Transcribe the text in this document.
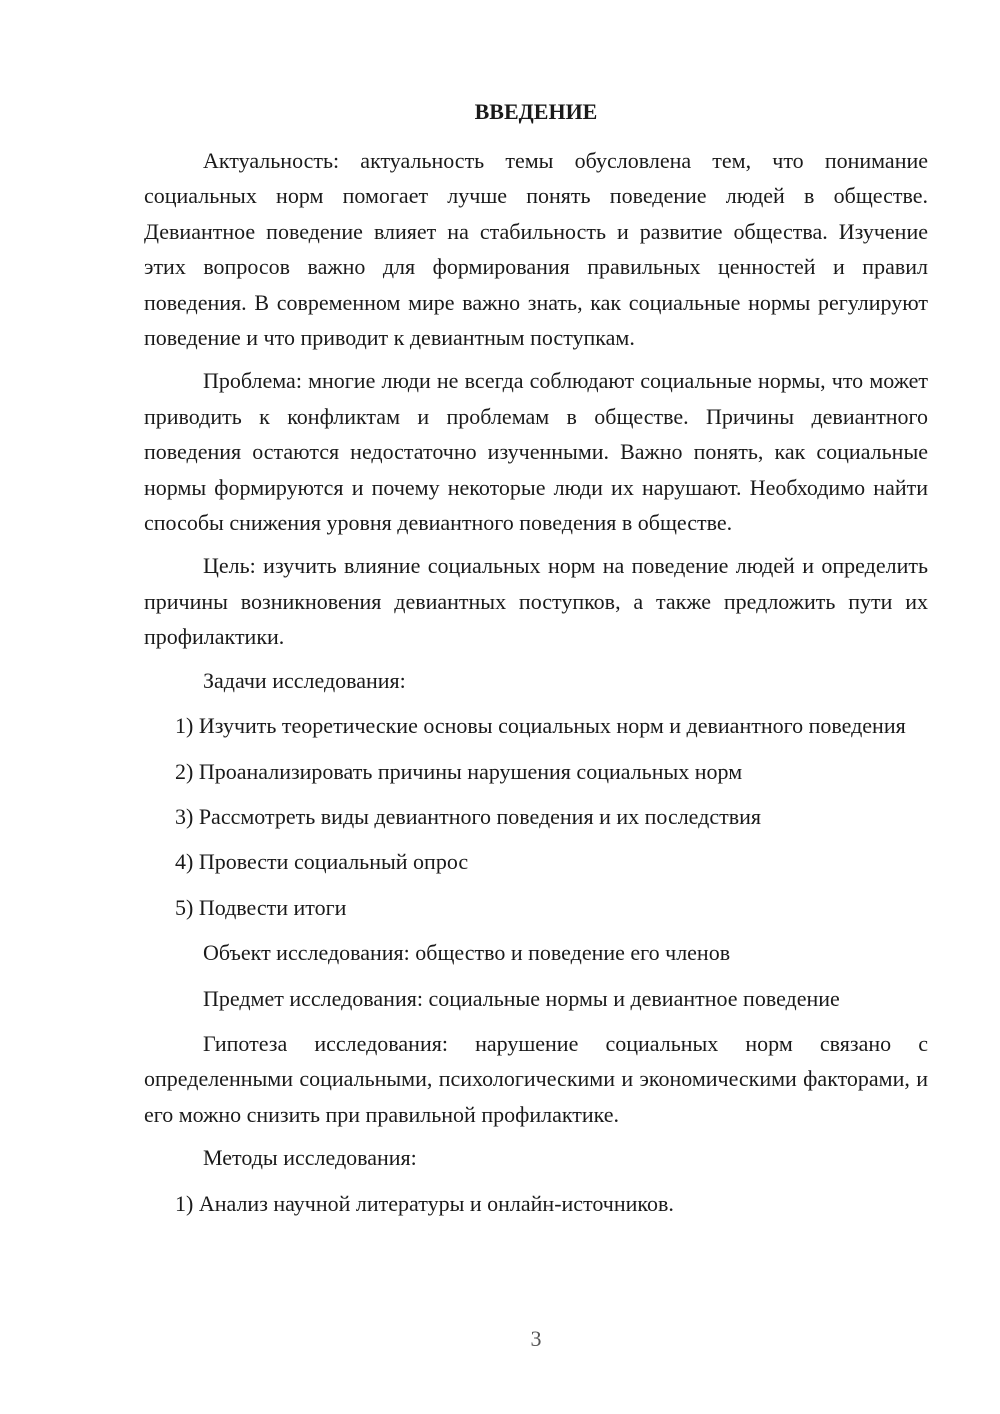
ВВЕДЕНИЕ

Актуальность: актуальность темы обусловлена тем, что понимание социальных норм помогает лучше понять поведение людей в обществе. Девиантное поведение влияет на стабильность и развитие общества. Изучение этих вопросов важно для формирования правильных ценностей и правил поведения. В современном мире важно знать, как социальные нормы регулируют поведение и что приводит к девиантным поступкам.

Проблема: многие люди не всегда соблюдают социальные нормы, что может приводить к конфликтам и проблемам в обществе. Причины девиантного поведения остаются недостаточно изученными. Важно понять, как социальные нормы формируются и почему некоторые люди их нарушают. Необходимо найти способы снижения уровня девиантного поведения в обществе.

Цель: изучить влияние социальных норм на поведение людей и определить причины возникновения девиантных поступков, а также предложить пути их профилактики.

Задачи исследования:

1) Изучить теоретические основы социальных норм и девиантного поведения

2) Проанализировать причины нарушения социальных норм

3) Рассмотреть виды девиантного поведения и их последствия

4) Провести социальный опрос

5) Подвести итоги

Объект исследования: общество и поведение его членов

Предмет исследования: социальные нормы и девиантное поведение

Гипотеза исследования: нарушение социальных норм связано с определенными социальными, психологическими и экономическими факторами, и его можно снизить при правильной профилактике.

Методы исследования:

1) Анализ научной литературы и онлайн-источников.

3
